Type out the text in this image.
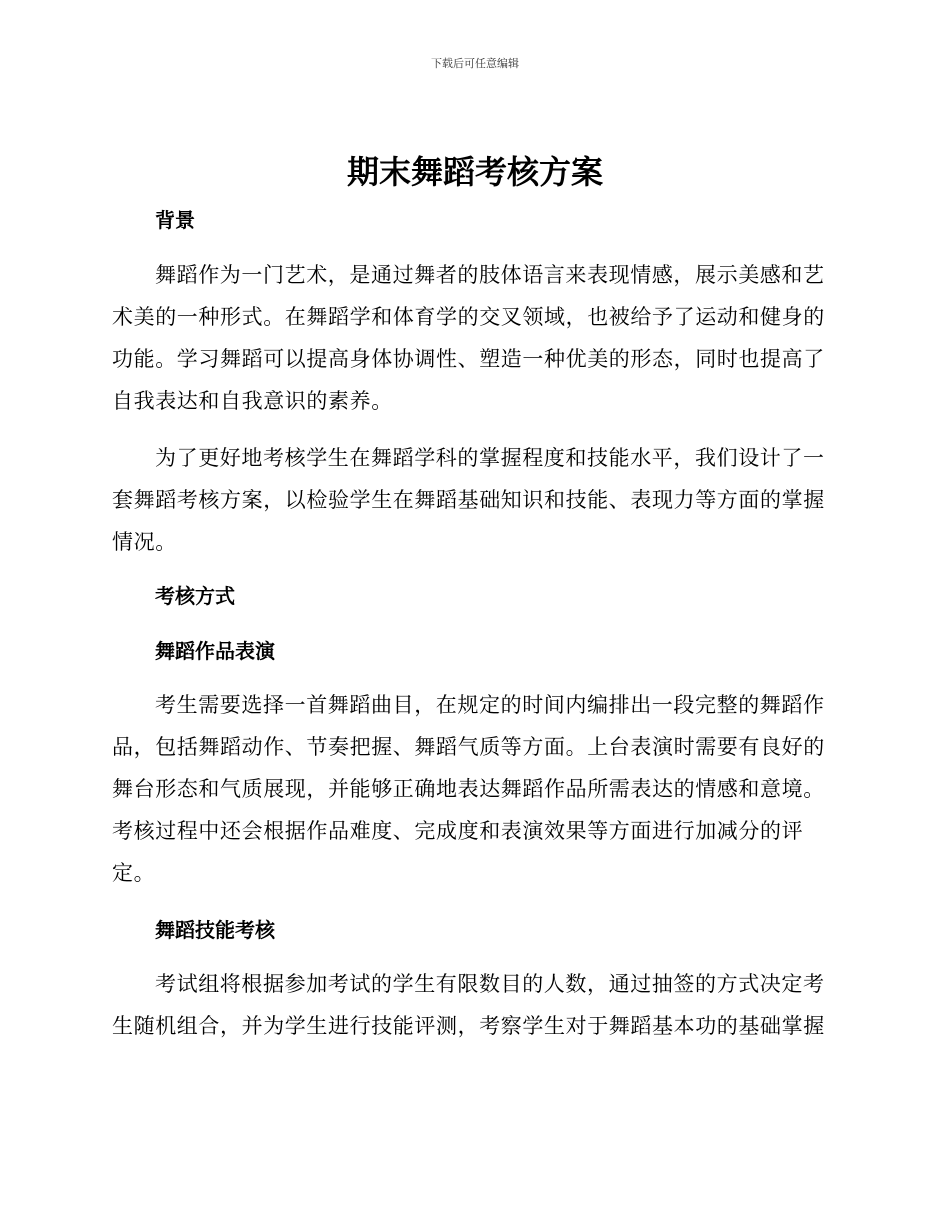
下载后可任意编辑
期末舞蹈考核方案
背景

舞蹈作为一门艺术，是通过舞者的肢体语言来表现情感，展示美感和艺术美的一种形式。在舞蹈学和体育学的交叉领域，也被给予了运动和健身的功能。学习舞蹈可以提高身体协调性、塑造一种优美的形态，同时也提高了自我表达和自我意识的素养。

为了更好地考核学生在舞蹈学科的掌握程度和技能水平，我们设计了一套舞蹈考核方案，以检验学生在舞蹈基础知识和技能、表现力等方面的掌握情况。

考核方式
舞蹈作品表演

考生需要选择一首舞蹈曲目，在规定的时间内编排出一段完整的舞蹈作品，包括舞蹈动作、节奏把握、舞蹈气质等方面。上台表演时需要有良好的舞台形态和气质展现，并能够正确地表达舞蹈作品所需表达的情感和意境。考核过程中还会根据作品难度、完成度和表演效果等方面进行加减分的评定。

舞蹈技能考核

考试组将根据参加考试的学生有限数目的人数，通过抽签的方式决定考生随机组合，并为学生进行技能评测，考察学生对于舞蹈基本功的基础掌握
